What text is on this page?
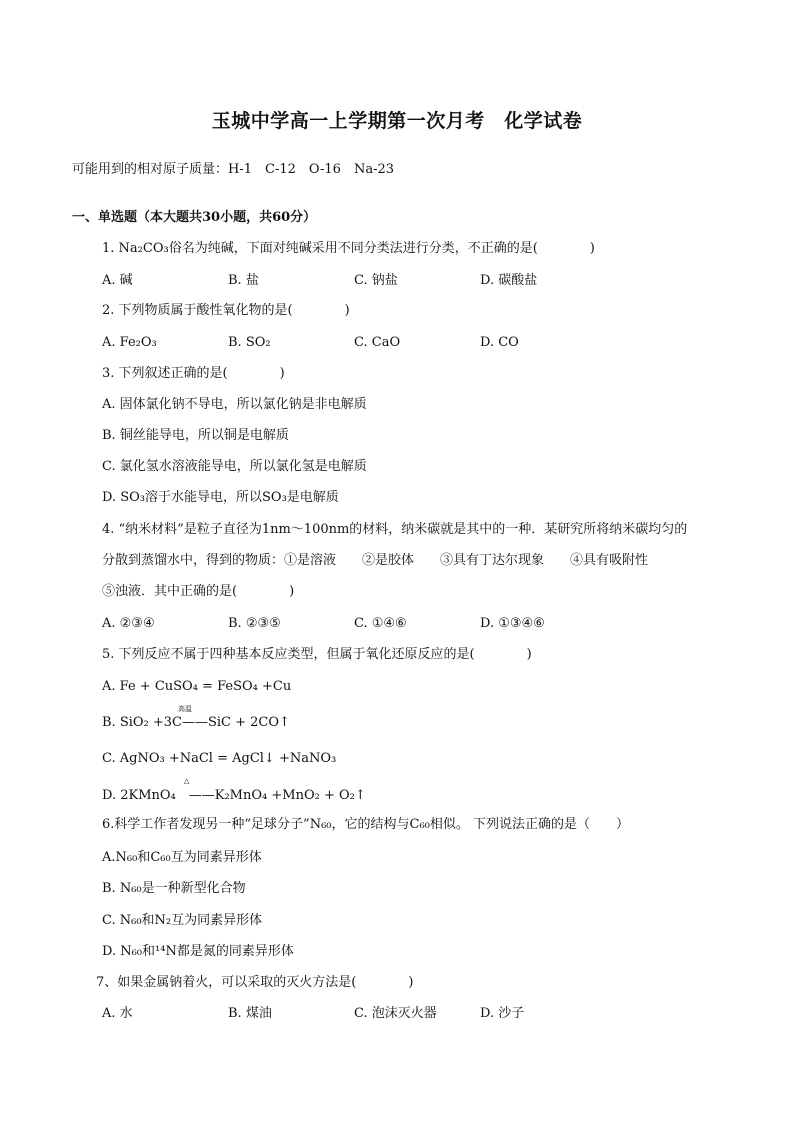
玉城中学高一上学期第一次月考　化学试卷
可能用到的相对原子质量：H-1　C-12　O-16　Na-23
一、单选题（本大题共30小题，共60分）
1. Na₂CO₃俗名为纯碱，下面对纯碱采用不同分类法进行分类，不正确的是(　　　　)
A. 碱	B. 盐	C. 钠盐	D. 碳酸盐
2. 下列物质属于酸性氧化物的是(　　　　)
A. Fe₂O₃	B. SO₂	C. CaO	D. CO
3. 下列叙述正确的是(　　　　)
A. 固体氯化钠不导电，所以氯化钠是非电解质
B. 铜丝能导电，所以铜是电解质
C. 氯化氢水溶液能导电，所以氯化氢是电解质
D. SO₃溶于水能导电，所以SO₃是电解质
4. “纳米材料”是粒子直径为1nm～100nm的材料，纳米碳就是其中的一种．某研究所将纳米碳均匀的
分散到蒸馏水中，得到的物质：①是溶液　　②是胶体　　③具有丁达尔现象　　④具有吸附性
⑤浊液．其中正确的是(　　　　)
A. ②③④	B. ②③⑤	C. ①④⑥	D. ①③④⑥
5. 下列反应不属于四种基本反应类型，但属于氧化还原反应的是(　　　　)
A. Fe + CuSO₄ = FeSO₄ +Cu
高温
B. SiO₂ +3C——SiC + 2CO↑
C. AgNO₃ +NaCl = AgCl↓ +NaNO₃
△
D. 2KMnO₄　——K₂MnO₄ +MnO₂ + O₂↑
6.科学工作者发现另一种“足球分子”N₆₀，它的结构与C₆₀相似。 下列说法正确的是（　　）
A.N₆₀和C₆₀互为同素异形体
B. N₆₀是一种新型化合物
C. N₆₀和N₂互为同素异形体
D. N₆₀和¹⁴N都是氮的同素异形体
7、如果金属钠着火，可以采取的灭火方法是(　　　　)
A. 水	B. 煤油	C. 泡沫灭火器	D. 沙子
